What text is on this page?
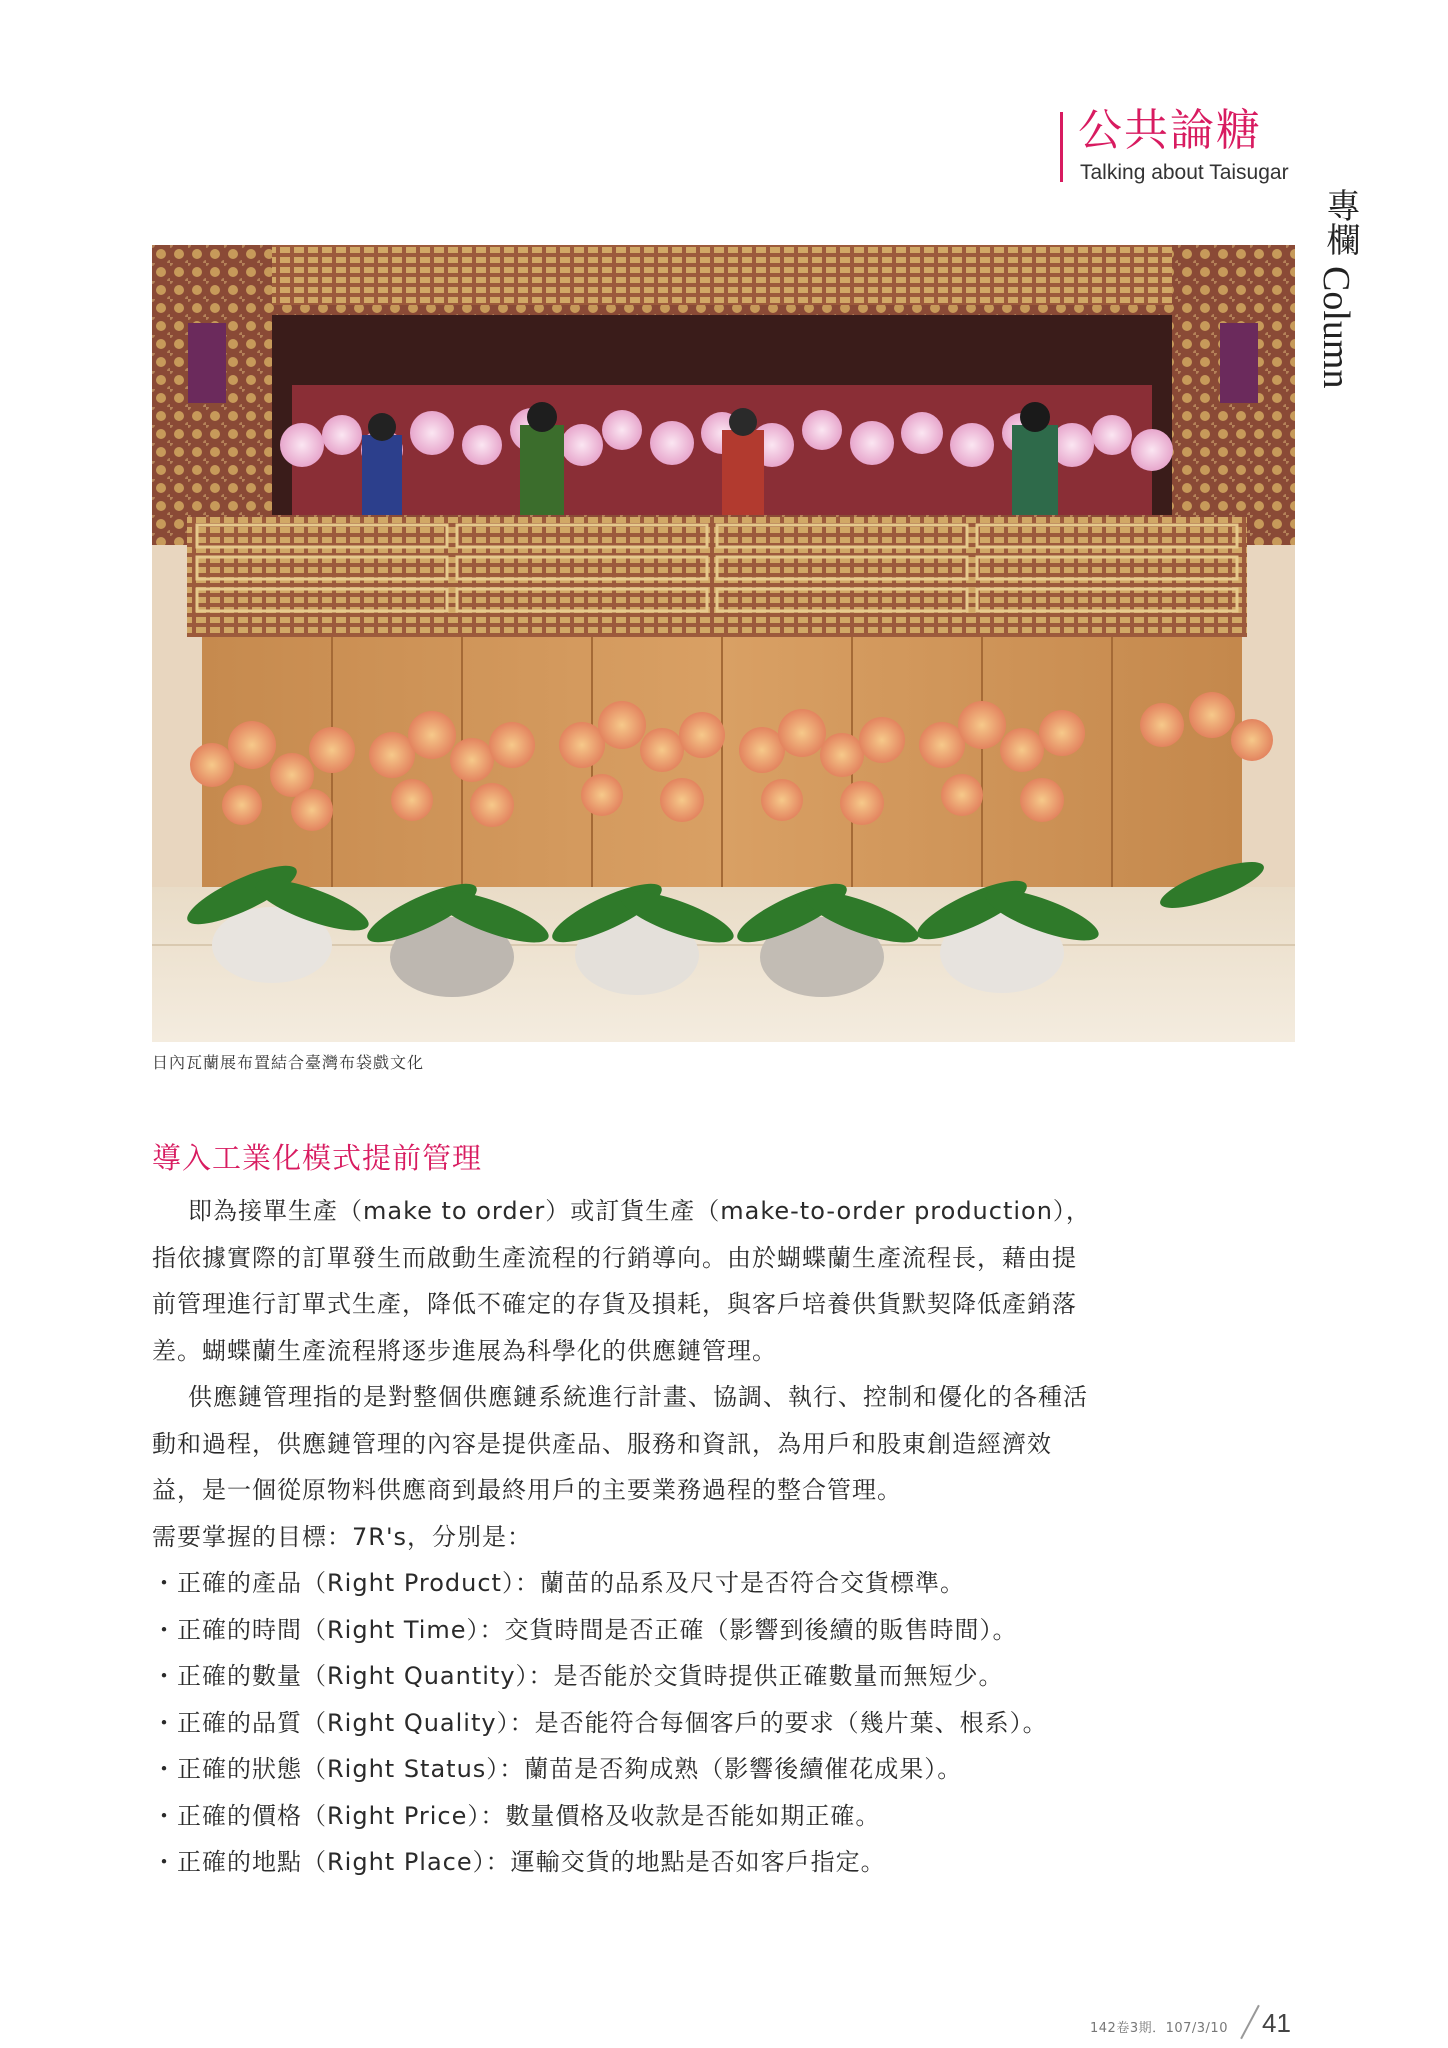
公共論糖
Talking about Taisugar
專欄
Column
日內瓦蘭展布置結合臺灣布袋戲文化
導入工業化模式提前管理

即為接單生產（make to order）或訂貨生產（make-to-order production），指依據實際的訂單發生而啟動生產流程的行銷導向。由於蝴蝶蘭生產流程長，藉由提前管理進行訂單式生產，降低不確定的存貨及損耗，與客戶培養供貨默契降低產銷落差。蝴蝶蘭生產流程將逐步進展為科學化的供應鏈管理。

供應鏈管理指的是對整個供應鏈系統進行計畫、協調、執行、控制和優化的各種活動和過程，供應鏈管理的內容是提供產品、服務和資訊，為用戶和股東創造經濟效益，是一個從原物料供應商到最終用戶的主要業務過程的整合管理。

需要掌握的目標：7R's，分別是：

・ 正確的產品（Right Product）：蘭苗的品系及尺寸是否符合交貨標準。

・ 正確的時間（Right Time）：交貨時間是否正確（影響到後續的販售時間）。

・ 正確的數量（Right Quantity）：是否能於交貨時提供正確數量而無短少。

・ 正確的品質（Right Quality）：是否能符合每個客戶的要求（幾片葉、根系）。

・ 正確的狀態（Right Status）：蘭苗是否夠成熟（影響後續催花成果）。

・ 正確的價格（Right Price）：數量價格及收款是否能如期正確。

・ 正確的地點（Right Place）：運輸交貨的地點是否如客戶指定。

142卷3期．107/3/10 41
